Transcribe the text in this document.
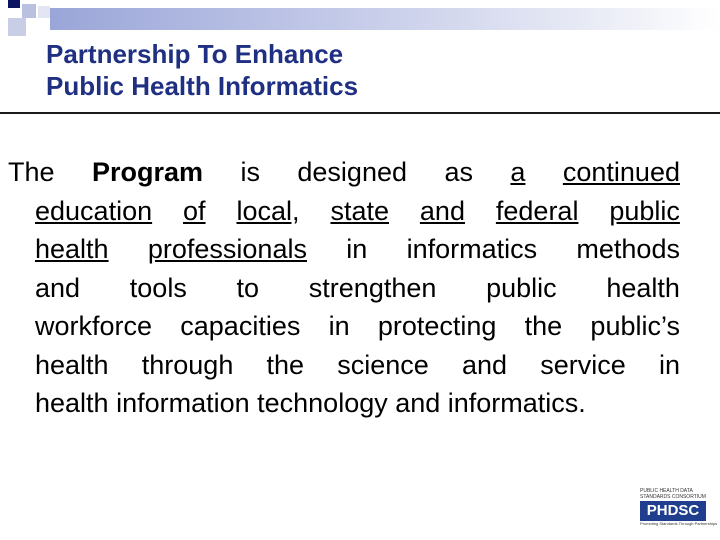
Partnership To Enhance
Public Health Informatics
The Program is designed as a continued
education of local, state and federal public
health professionals in informatics methods
and tools to strengthen public health
workforce capacities in protecting the public’s
health through the science and service in
health information technology and informatics.
PUBLIC HEALTH DATA
STANDARDS CONSORTIUM
PHDSC
Promoting Standards Through Partnerships
